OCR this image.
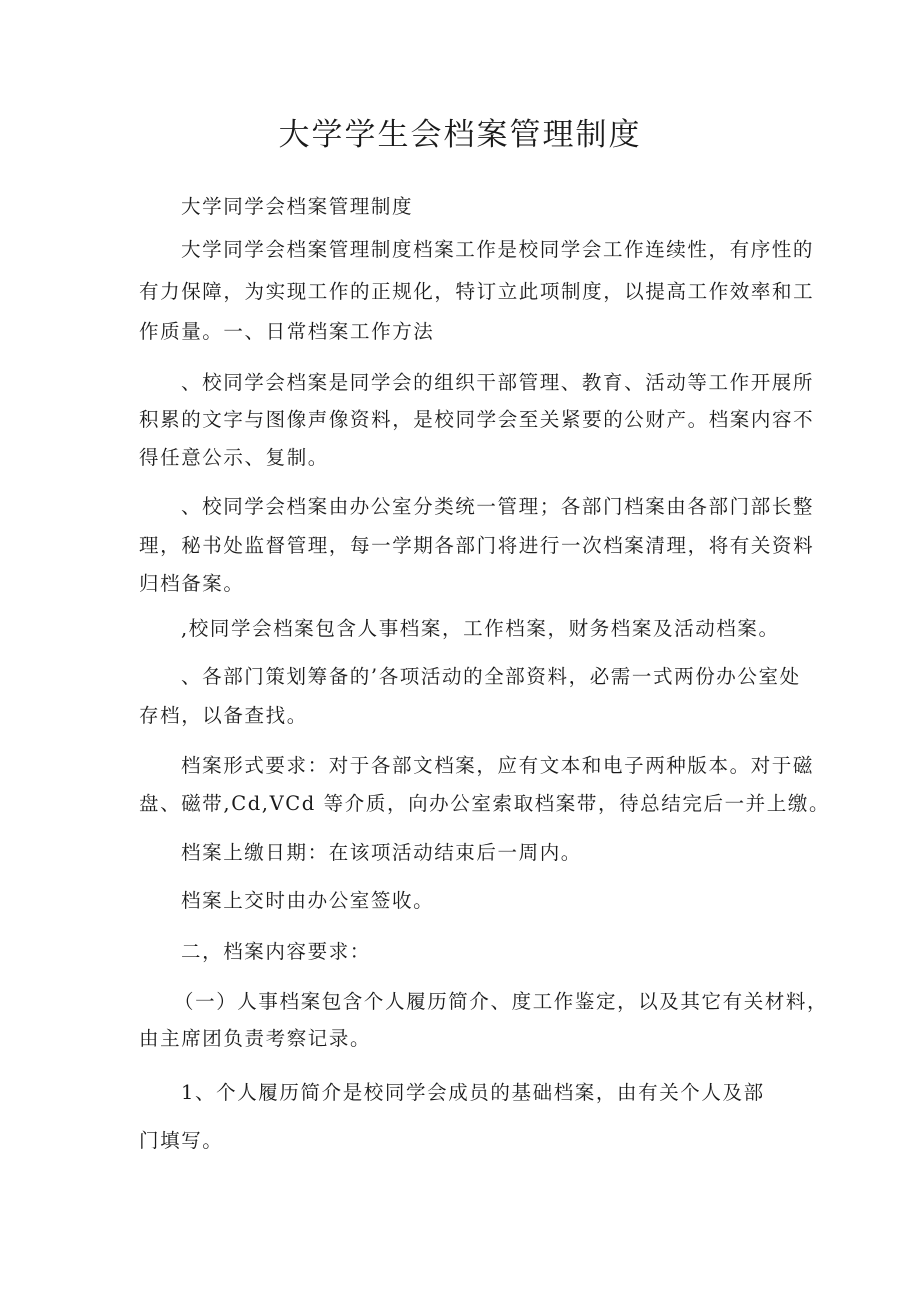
大学学生会档案管理制度

大学同学会档案管理制度

大学同学会档案管理制度档案工作是校同学会工作连续性，有序性的

有力保障，为实现工作的正规化，特订立此项制度，以提高工作效率和工

作质量。一、日常档案工作方法

、校同学会档案是同学会的组织干部管理、教育、活动等工作开展所

积累的文字与图像声像资料，是校同学会至关紧要的公财产。档案内容不

得任意公示、复制。

、校同学会档案由办公室分类统一管理；各部门档案由各部门部长整

理，秘书处监督管理，每一学期各部门将进行一次档案清理，将有关资料

归档备案。

,校同学会档案包含人事档案，工作档案，财务档案及活动档案。

、各部门策划筹备的’各项活动的全部资料，必需一式两份办公室处

存档，以备查找。

档案形式要求：对于各部文档案，应有文本和电子两种版本。对于磁

盘、磁带,Cd,VCd 等介质，向办公室索取档案带，待总结完后一并上缴。

档案上缴日期：在该项活动结束后一周内。

档案上交时由办公室签收。

二，档案内容要求：

（一）人事档案包含个人履历简介、度工作鉴定，以及其它有关材料，

由主席团负责考察记录。

1、个人履历简介是校同学会成员的基础档案，由有关个人及部

门填写。
